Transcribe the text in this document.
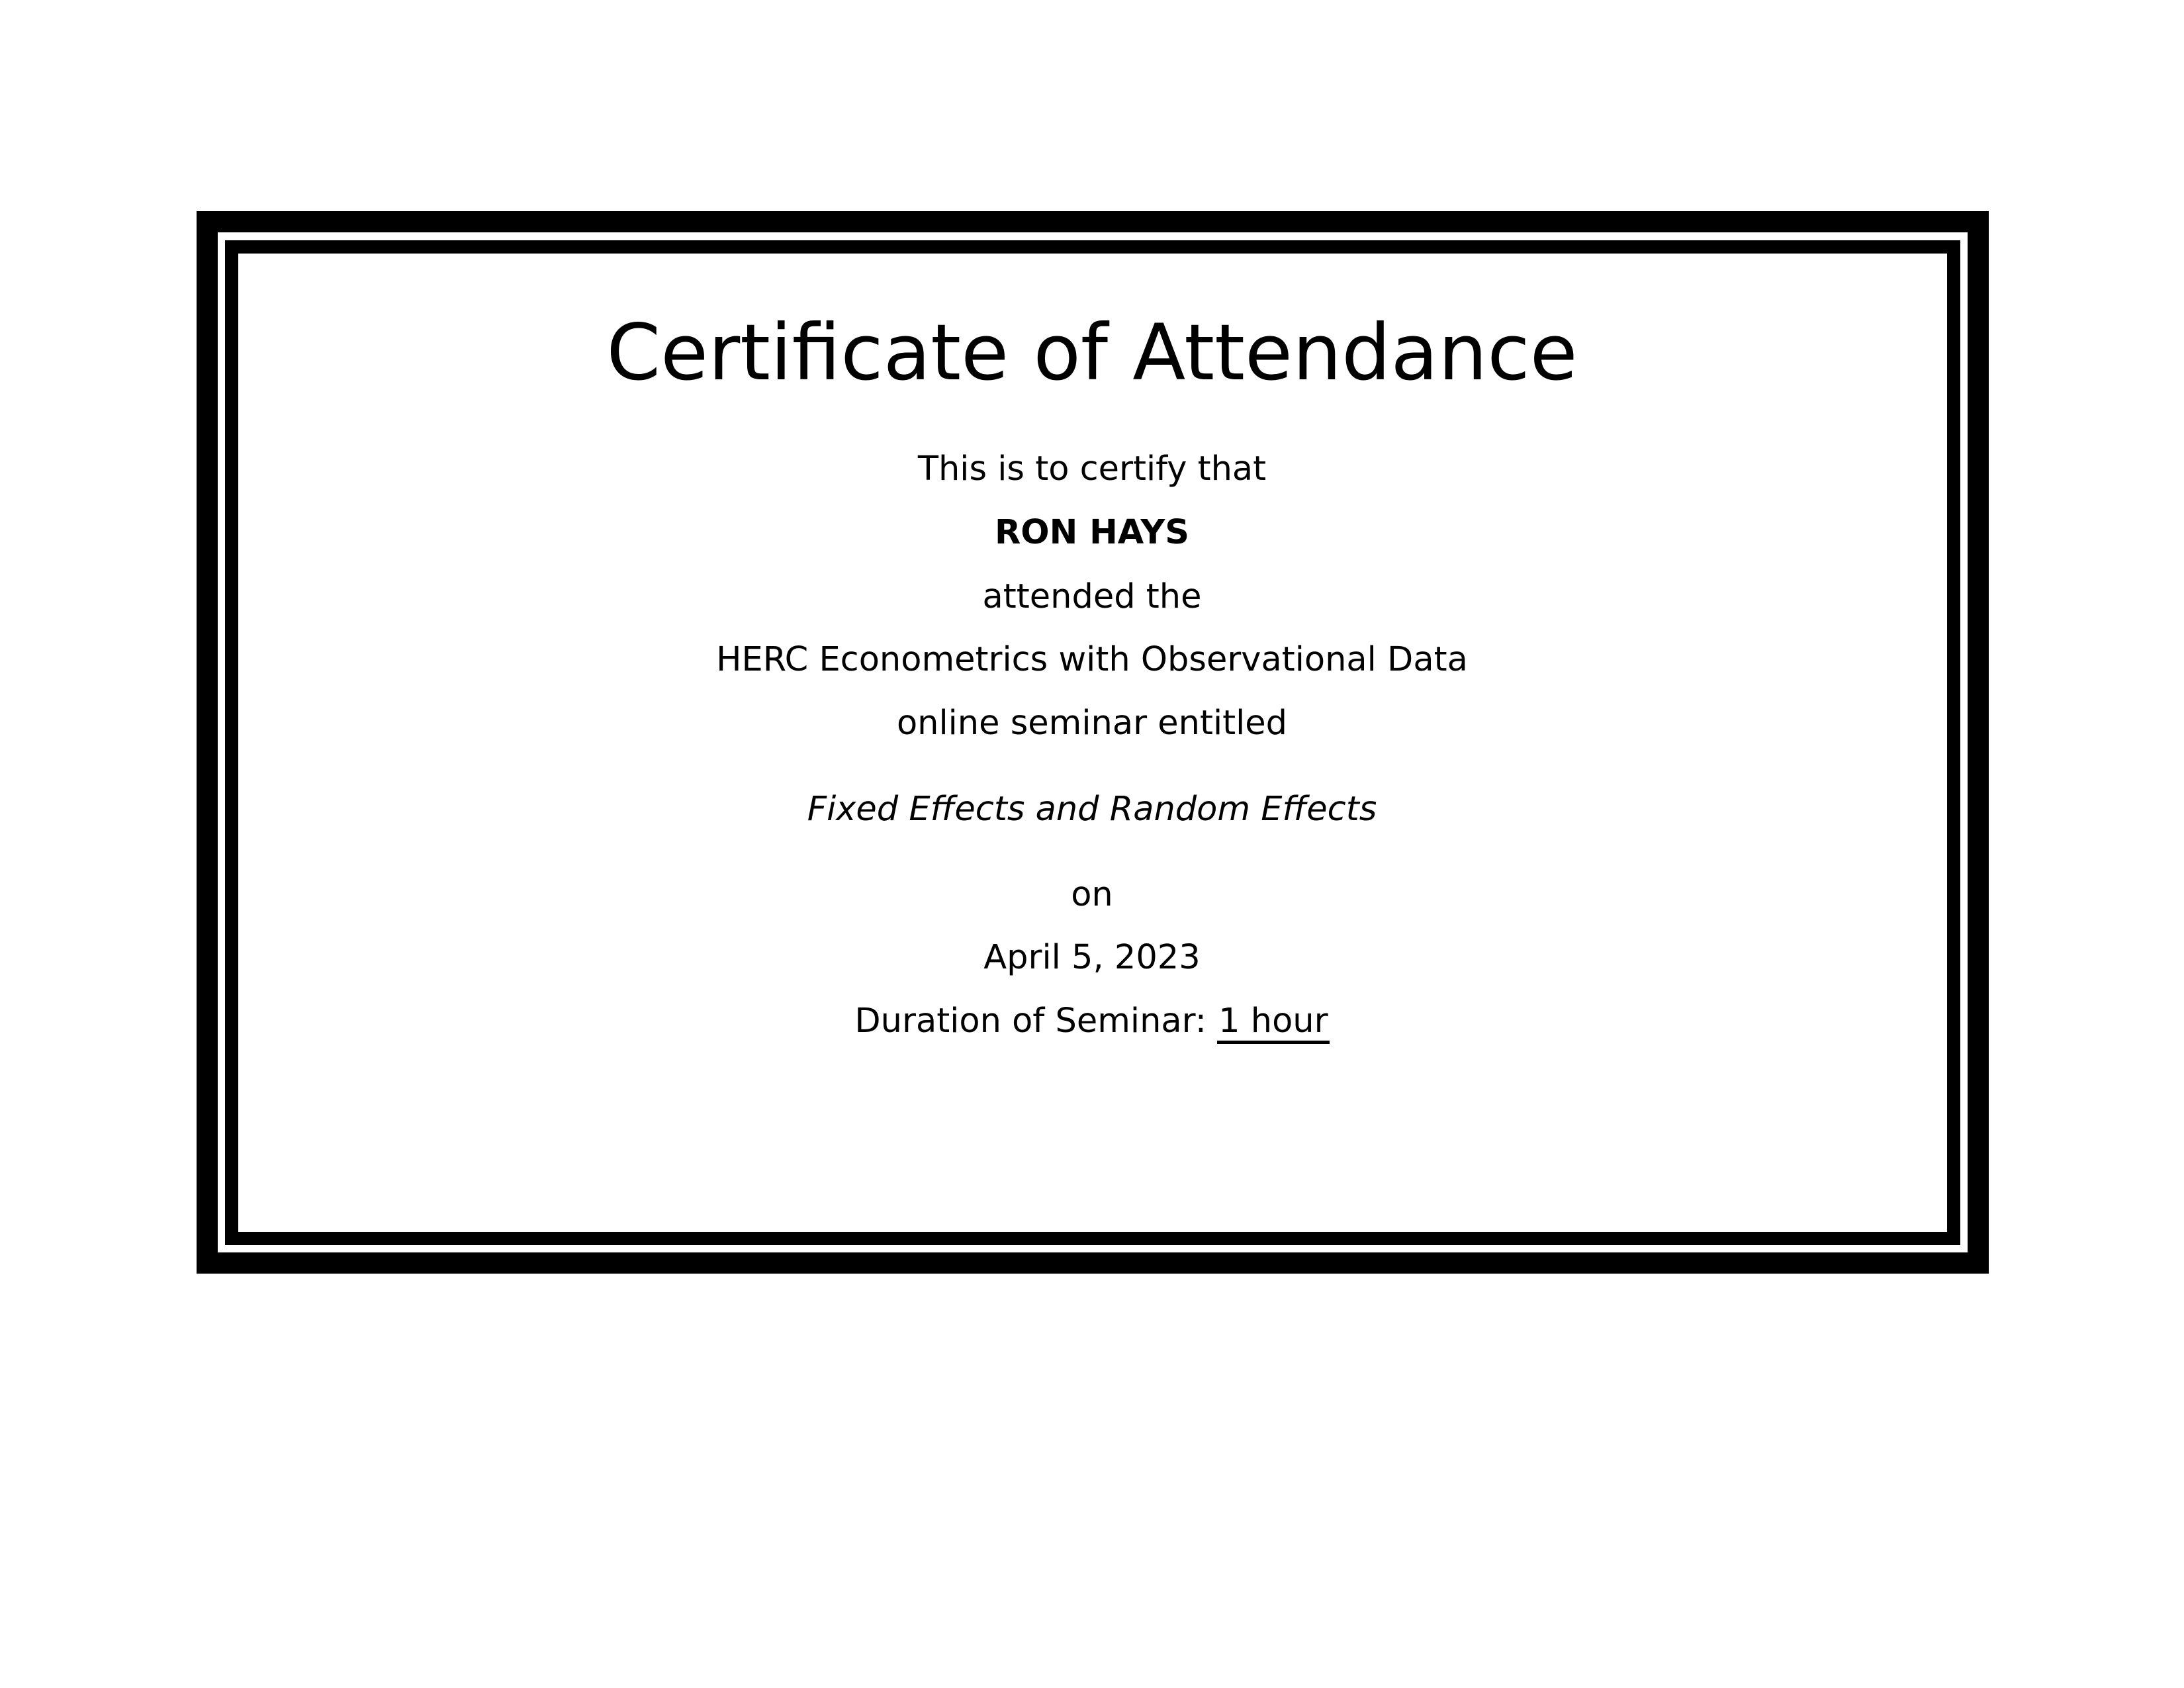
Certificate of Attendance
This is to certify that
RON HAYS
attended the
HERC Econometrics with Observational Data
online seminar entitled
Fixed Effects and Random Effects
on
April 5, 2023
Duration of Seminar: 1 hour
